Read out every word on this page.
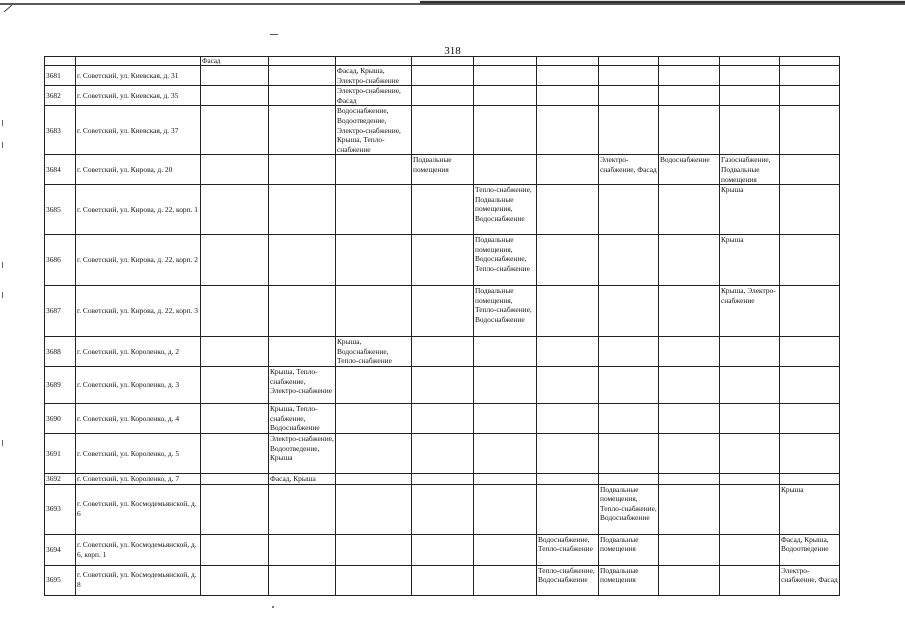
318
		Фасад									
3681	г. Советский, ул. Киевская, д. 31			Фасад, Крыша, Электро-снабжение							
3682	г. Советский, ул. Киевская, д. 35			Электро-снабжение, Фасад							
3683	г. Советский, ул. Киевская, д. 37			Водоснабжение, Водоотведение, Электро-снабжение, Крыша, Тепло-снабжение							
3684	г. Советский, ул. Кирова, д. 20				Подвальные помещения			Электро-снабжение, Фасад	Водоснабжение	Газоснабжение, Подвальные помещения	
3685	г. Советский, ул. Кирова, д. 22, корп. 1					Тепло-снабжение, Подвальные помещения, Водоснабжение				Крыша	
3686	г. Советский, ул. Кирова, д. 22, корп. 2					Подвальные помещения, Водоснабжение, Тепло-снабжение				Крыша	
3687	г. Советский, ул. Кирова, д. 22, корп. 3					Подвальные помещения, Тепло-снабжение, Водоснабжение				Крыша, Электро-снабжение	
3688	г. Советский, ул. Короленко, д. 2			Крыша, Водоснабжение, Тепло-снабжение							
3689	г. Советский, ул. Короленко, д. 3		Крыша, Тепло-снабжение, Электро-снабжение								
3690	г. Советский, ул. Короленко, д. 4		Крыша, Тепло-снабжение, Водоснабжение								
3691	г. Советский, ул. Короленко, д. 5		Электро-снабжение, Водоотведение, Крыша								
3692	г. Советский, ул. Короленко, д. 7		Фасад, Крыша								
3693	г. Советский, ул. Космодемьянской, д. 6							Подвальные помещения, Тепло-снабжение, Водоснабжение			Крыша
3694	г. Советский, ул. Космодемьянской, д. 6, корп. 1						Водоснабжение, Тепло-снабжение	Подвальные помещения			Фасад, Крыша, Водоотведение
3695	г. Советский, ул. Космодемьянской, д. 8						Тепло-снабжение, Водоснабжение	Подвальные помещения			Электро-снабжение, Фасад
